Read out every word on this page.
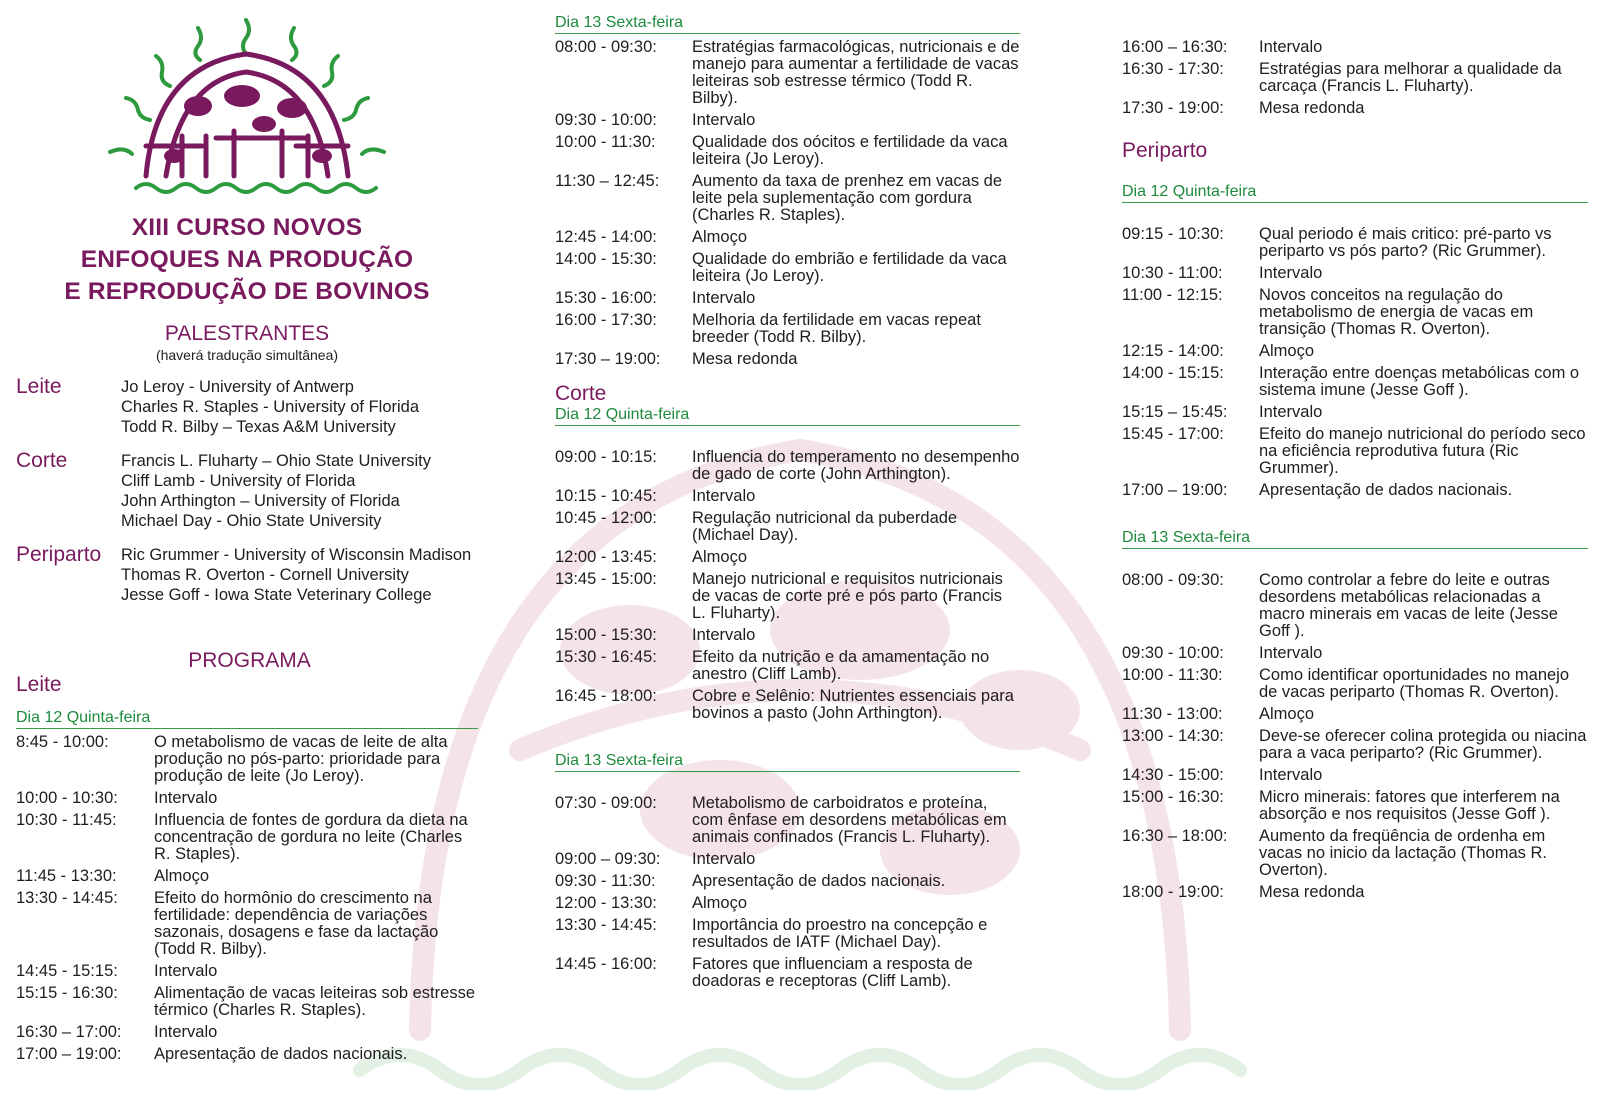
XIII CURSO NOVOS
ENFOQUES NA PRODUÇÃO
E REPRODUÇÃO DE BOVINOS
PALESTRANTES
(haverá tradução simultânea)
Leite	Jo Leroy - University of Antwerp
Charles R. Staples - University of Florida
Todd R. Bilby – Texas A&M University
Corte	Francis L. Fluharty – Ohio State University
Cliff Lamb - University of Florida
John Arthington – University of Florida
Michael Day - Ohio State University
Periparto	Ric Grummer - University of Wisconsin Madison
Thomas R. Overton - Cornell University
Jesse Goff - Iowa State Veterinary College
PROGRAMA
Leite
Dia 12 Quinta-feira
8:45 - 10:00:	O metabolismo de vacas de leite de alta produção no pós-parto: prioridade para produção de leite (Jo Leroy).
10:00 - 10:30:	Intervalo
10:30 - 11:45:	Influencia de fontes de gordura da dieta na concentração de gordura no leite (Charles R. Staples).
11:45 - 13:30:	Almoço
13:30 - 14:45:	Efeito do hormônio do crescimento na fertilidade: dependência de variações sazonais, dosagens e fase da lactação (Todd R. Bilby).
14:45 - 15:15:	Intervalo
15:15 - 16:30:	Alimentação de vacas leiteiras sob estresse térmico (Charles R. Staples).
16:30 – 17:00:	Intervalo
17:00 – 19:00:	Apresentação de dados nacionais.
Dia 13 Sexta-feira
08:00 - 09:30:	Estratégias farmacológicas, nutricionais e de manejo para aumentar a fertilidade de vacas leiteiras sob estresse térmico (Todd R. Bilby).
09:30 - 10:00:	Intervalo
10:00 - 11:30:	Qualidade dos oócitos e fertilidade da vaca leiteira (Jo Leroy).
11:30 – 12:45:	Aumento da taxa de prenhez em vacas de leite pela suplementação com gordura (Charles R. Staples).
12:45 - 14:00:	Almoço
14:00 - 15:30:	Qualidade do embrião e fertilidade da vaca leiteira (Jo Leroy).
15:30 - 16:00:	Intervalo
16:00 - 17:30:	Melhoria da fertilidade em vacas repeat breeder (Todd R. Bilby).
17:30 – 19:00:	Mesa redonda
Corte
Dia 12 Quinta-feira
09:00 - 10:15:	Influencia do temperamento no desempenho de gado de corte (John Arthington).
10:15 - 10:45:	Intervalo
10:45 - 12:00:	Regulação nutricional da puberdade (Michael Day).
12:00 - 13:45:	Almoço
13:45 - 15:00:	Manejo nutricional e requisitos nutricionais de vacas de corte pré e pós parto (Francis L. Fluharty).
15:00 - 15:30:	Intervalo
15:30 - 16:45:	Efeito da nutrição e da amamentação no anestro (Cliff Lamb).
16:45 - 18:00:	Cobre e Selênio: Nutrientes essenciais para bovinos a pasto (John Arthington).
Dia 13 Sexta-feira
07:30 - 09:00:	Metabolismo de carboidratos e proteína, com ênfase em desordens metabólicas em animais confinados (Francis L. Fluharty).
09:00 – 09:30:	Intervalo
09:30 - 11:30:	Apresentação de dados nacionais.
12:00 - 13:30:	Almoço
13:30 - 14:45:	Importância do proestro na concepção e resultados de IATF (Michael Day).
14:45 - 16:00:	Fatores que influenciam a resposta de doadoras e receptoras (Cliff Lamb).
16:00 – 16:30:	Intervalo
16:30 - 17:30:	Estratégias para melhorar a qualidade da carcaça (Francis L. Fluharty).
17:30 - 19:00:	Mesa redonda
Periparto
Dia 12 Quinta-feira
09:15 - 10:30:	Qual periodo é mais critico: pré-parto vs periparto vs pós parto? (Ric Grummer).
10:30 - 11:00:	Intervalo
11:00 - 12:15:	Novos conceitos na regulação do metabolismo de energia de vacas em transição (Thomas R. Overton).
12:15 - 14:00:	Almoço
14:00 - 15:15:	Interação entre doenças metabólicas com o sistema imune (Jesse Goff ).
15:15 – 15:45:	Intervalo
15:45 - 17:00:	Efeito do manejo nutricional do período seco na eficiência reprodutiva futura (Ric Grummer).
17:00 – 19:00:	Apresentação de dados nacionais.
Dia 13 Sexta-feira
08:00 - 09:30:	Como controlar a febre do leite e outras desordens metabólicas relacionadas a macro minerais em vacas de leite (Jesse Goff ).
09:30 - 10:00:	Intervalo
10:00 - 11:30:	Como identificar oportunidades no manejo de vacas periparto (Thomas R. Overton).
11:30 - 13:00:	Almoço
13:00 - 14:30:	Deve-se oferecer colina protegida ou niacina para a vaca periparto? (Ric Grummer).
14:30 - 15:00:	Intervalo
15:00 - 16:30:	Micro minerais: fatores que interferem na absorção e nos requisitos (Jesse Goff ).
16:30 – 18:00:	Aumento da freqüência de ordenha em vacas no inicio da lactação (Thomas R. Overton).
18:00 - 19:00:	Mesa redonda
